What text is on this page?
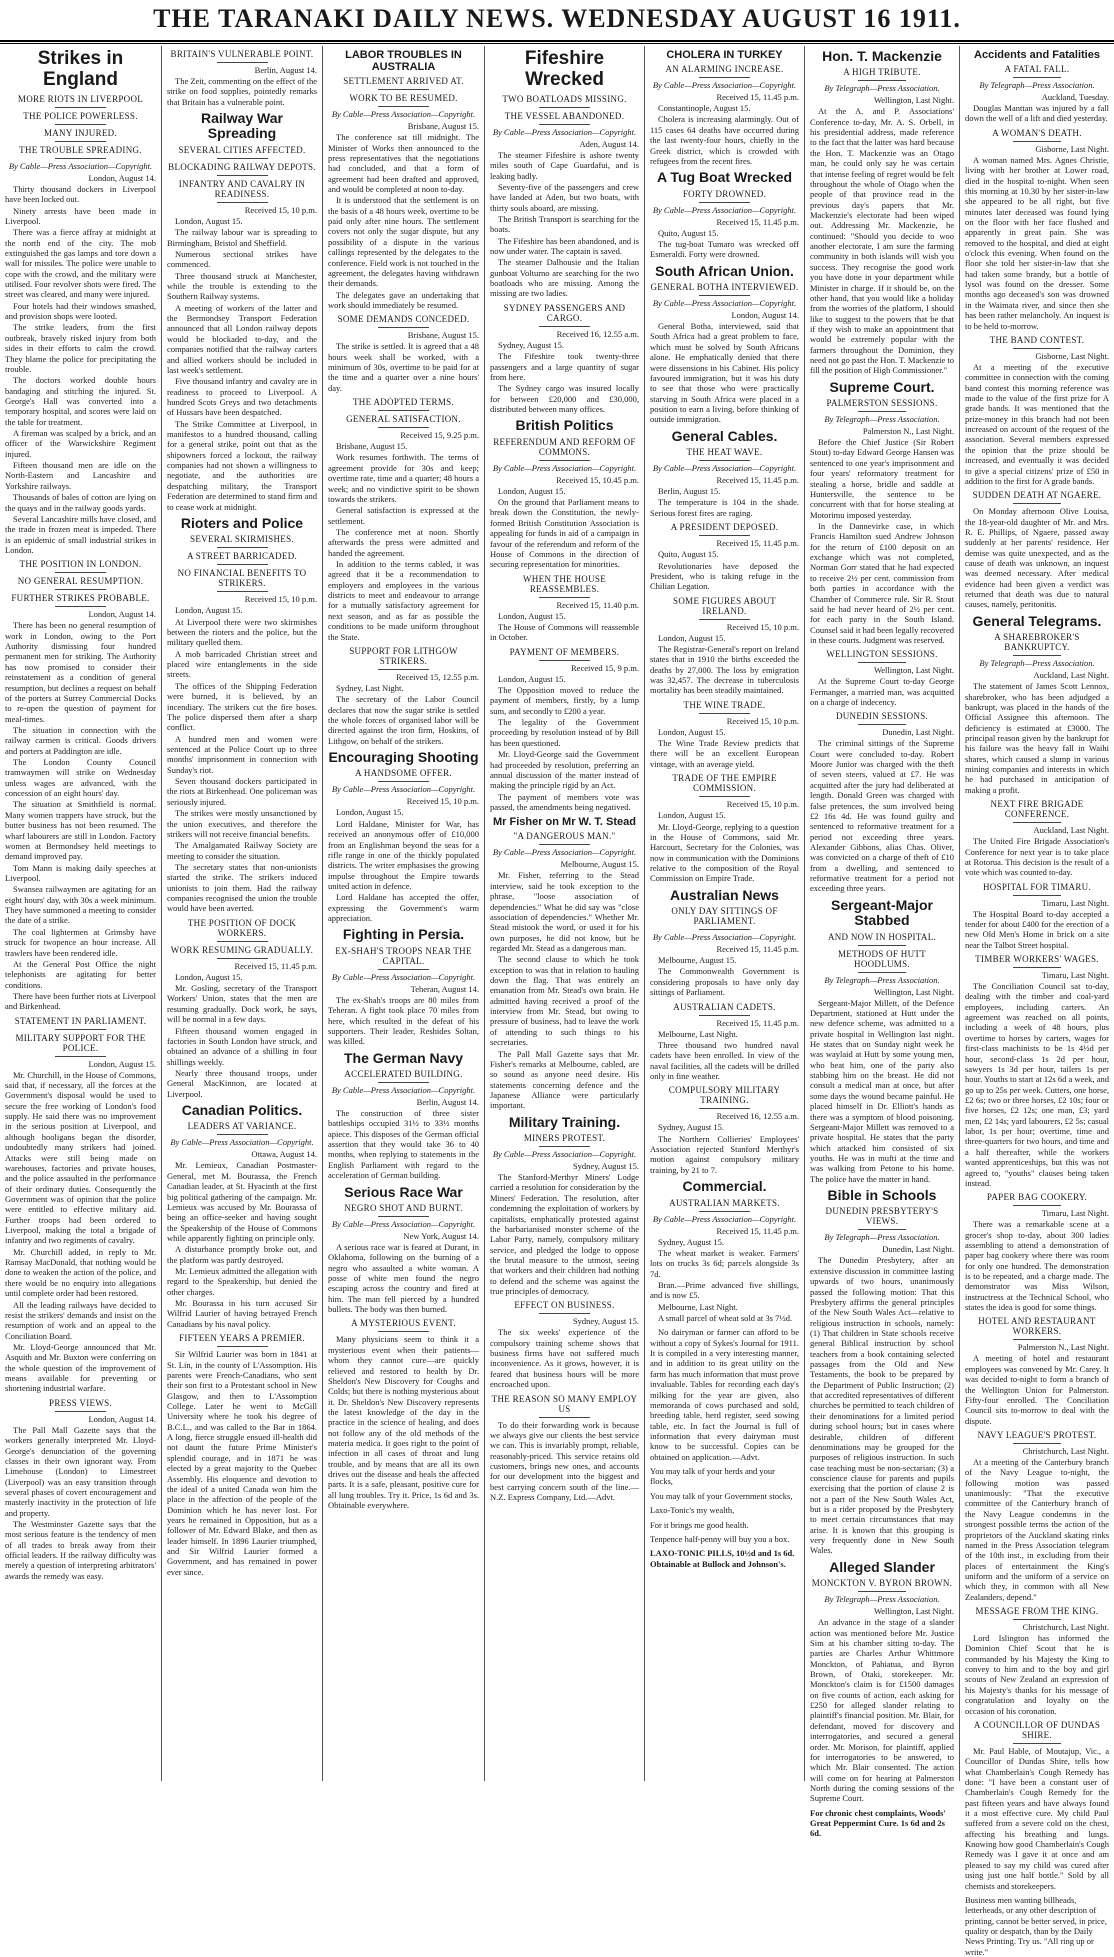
THE TARANAKI DAILY NEWS. WEDNESDAY AUGUST 16 1911.
Strikes in England
MORE RIOTS IN LIVERPOOL
THE POLICE POWERLESS.
MANY INJURED.
THE TROUBLE SPREADING.
By Cable—Press Association—Copyright.
London, August 14.

Thirty thousand dockers in Liverpool have been locked out.

Ninety arrests have been made in Liverpool.

There was a fierce affray at midnight at the north end of the city. The mob extinguished the gas lamps and tore down a wall for missiles. The police were unable to cope with the crowd, and the military were utilised. Four revolver shots were fired. The street was cleared, and many were injured.

Four hotels had their windows smashed, and provision shops were looted.

The strike leaders, from the first outbreak, bravely risked injury from both sides in their efforts to calm the crowd. They blame the police for precipitating the trouble.

The doctors worked double hours bandaging and stitching the injured. St. George's Hall was converted into a temporary hospital, and scores were laid on the table for treatment.

A fireman was scalped by a brick, and an officer of the Warwickshire Regiment injured.

Fifteen thousand men are idle on the North-Eastern and Lancashire and Yorkshire railways.

Thousands of bales of cotton are lying on the quays and in the railway goods yards.

Several Lancashire mills have closed, and the trade in frozen meat is impeded. There is an epidemic of small industrial strikes in London.

THE POSITION IN LONDON.
NO GENERAL RESUMPTION.
FURTHER STRIKES PROBABLE.
London, August 14.

There has been no general resumption of work in London, owing to the Port Authority dismissing four hundred permanent men for striking. The Authority has now promised to consider their reinstatement as a condition of general resumption, but declines a request on behalf of the porters at Surrey Commercial Docks to re-open the question of payment for meal-times.

The situation in connection with the railway carmen is critical. Goods drivers and porters at Paddington are idle.

The London County Council tramwaymen will strike on Wednesday unless wages are advanced, with the concession of an eight hours' day.

The situation at Smithfield is normal. Many women trappers have struck, but the butter business has not been resumed. The wharf labourers are still in London. Factory women at Bermondsey held meetings to demand improved pay.

Tom Mann is making daily speeches at Liverpool.

Swansea railwaymen are agitating for an eight hours' day, with 30s a week minimum. They have summoned a meeting to consider the date of a strike.

The coal lightermen at Grimsby have struck for twopence an hour increase. All trawlers have been rendered idle.

At the General Post Office the night telephonists are agitating for better conditions.

There have been further riots at Liverpool and Birkenhead.

STATEMENT IN PARLIAMENT.
MILITARY SUPPORT FOR THE POLICE.
London, August 15.

Mr. Churchill, in the House of Commons, said that, if necessary, all the forces at the Government's disposal would be used to secure the free working of London's food supply. He said there was no improvement in the serious position at Liverpool, and although hooligans began the disorder, undoubtedly many strikers had joined. Attacks were still being made on warehouses, factories and private houses, and the police assaulted in the performance of their ordinary duties. Consequently the Government was of opinion that the police were entitled to effective military aid. Further troops had been ordered to Liverpool, making the total a brigade of infantry and two regiments of cavalry.

Mr. Churchill added, in reply to Mr. Ramsay MacDonald, that nothing would be done to weaken the action of the police, and there would be no enquiry into allegations until complete order had been restored.

All the leading railways have decided to resist the strikers' demands and insist on the resumption of work and an appeal to the Conciliation Board.

Mr. Lloyd-George announced that Mr. Asquith and Mr. Buxton were conferring on the whole question of the improvement of means available for preventing or shortening industrial warfare.

PRESS VIEWS.
London, August 14.

The Pall Mall Gazette says that the workers generally interpreted Mr. Lloyd-George's denunciation of the governing classes in their own ignorant way. From Limehouse (London) to Limestreet (Liverpool) was an easy transition through several phases of covert encouragement and masterly inactivity in the protection of life and property.

The Westminster Gazette says that the most serious feature is the tendency of men of all trades to break away from their official leaders. If the railway difficulty was merely a question of interpreting arbitrators' awards the remedy was easy.

BRITAIN'S VULNERABLE POINT.
Berlin, August 14.

The Zeit, commenting on the effect of the strike on food supplies, pointedly remarks that Britain has a vulnerable point.

Railway War Spreading
SEVERAL CITIES AFFECTED.
BLOCKADING RAILWAY DEPOTS.
INFANTRY AND CAVALRY IN READINESS.
Received 15, 10 p.m.

London, August 15.

The railway labour war is spreading to Birmingham, Bristol and Sheffield.

Numerous sectional strikes have commenced.

Three thousand struck at Manchester, while the trouble is extending to the Southern Railway systems.

A meeting of workers of the latter and the Bermondsey Transport Federation announced that all London railway depots would be blockaded to-day, and the companies notified that the railway carters and allied workers should be included in last week's settlement.

Five thousand infantry and cavalry are in readiness to proceed to Liverpool. A hundred Scots Greys and two detachments of Hussars have been despatched.

The Strike Committee at Liverpool, in manifestos to a hundred thousand, calling for a general strike, point out that as the shipowners forced a lockout, the railway companies had not shown a willingness to negotiate, and the authorities are despatching military, the Transport Federation are determined to stand firm and to cease work at midnight.

Rioters and Police
SEVERAL SKIRMISHES.
A STREET BARRICADED.
NO FINANCIAL BENEFITS TO STRIKERS.
Received 15, 10 p.m.

London, August 15.

At Liverpool there were two skirmishes between the rioters and the police, but the military quelled them.

A mob barricaded Christian street and placed wire entanglements in the side streets.

The offices of the Shipping Federation were burned, it is believed, by an incendiary. The strikers cut the fire hoses. The police dispersed them after a sharp conflict.

A hundred men and women were sentenced at the Police Court up to three months' imprisonment in connection with Sunday's riot.

Seven thousand dockers participated in the riots at Birkenhead. One policeman was seriously injured.

The strikes were mostly unsanctioned by the union executives, and therefore the strikers will not receive financial benefits.

The Amalgamated Railway Society are meeting to consider the situation.

The secretary states that non-unionists started the strike. The strikers induced unionists to join them. Had the railway companies recognised the union the trouble would have been averted.

THE POSITION OF DOCK WORKERS.
WORK RESUMING GRADUALLY.
Received 15, 11.45 p.m.

London, August 15.

Mr. Gosling, secretary of the Transport Workers' Union, states that the men are resuming gradually. Dock work, he says, will be normal in a few days.

Fifteen thousand women engaged in factories in South London have struck, and obtained an advance of a shilling in four shillings weekly.

Nearly three thousand troops, under General MacKinnon, are located at Liverpool.

Canadian Politics.
LEADERS AT VARIANCE.
By Cable—Press Association—Copyright.
Ottawa, August 14.

Mr. Lemieux, Canadian Postmaster-General, met M. Bourassa, the French Canadian leader, at St. Hyacinth at the first big political gathering of the campaign. Mr. Lemieux was accused by Mr. Bourassa of being an office-seeker and having sought the Speakership of the House of Commons while apparently fighting on principle only.

A disturbance promptly broke out, and the platform was partly destroyed.

Mr. Lemieux admitted the allegation with regard to the Speakership, but denied the other charges.

Mr. Bourassa in his turn accused Sir Wilfrid Laurier of having betrayed French Canadians by his naval policy.

FIFTEEN YEARS A PREMIER.

Sir Wilfrid Laurier was born in 1841 at St. Lin, in the county of L'Assomption. His parents were French-Canadians, who sent their son first to a Protestant school in New Glasgow, and then to L'Assomption College. Later he went to McGill University where he took his degree of B.C.L., and was called to the Bar in 1864. A long, fierce struggle ensued ill-health did not daunt the future Prime Minister's splendid courage, and in 1871 he was elected by a great majority to the Quebec Assembly. His eloquence and devotion to the ideal of a united Canada won him the place in the affection of the people of the Dominion which he has never lost. For years he remained in Opposition, but as a follower of Mr. Edward Blake, and then as leader himself. In 1896 Laurier triumphed, and Sir Wilfrid Laurier formed a Government, and has remained in power ever since.

LABOR TROUBLES IN AUSTRALIA
SETTLEMENT ARRIVED AT.
WORK TO BE RESUMED.
By Cable—Press Association—Copyright.
Brisbane, August 15.

The conference sat till midnight. The Minister of Works then announced to the press representatives that the negotiations had concluded, and that a form of agreement had been drafted and approved, and would be completed at noon to-day.

It is understood that the settlement is on the basis of a 48 hours week, overtime to be paid only after nine hours. The settlement covers not only the sugar dispute, but any possibility of a dispute in the various callings represented by the delegates to the conference. Field work is not touched in the agreement, the delegates having withdrawn their demands.

The delegates gave an undertaking that work should immediately be resumed.

SOME DEMANDS CONCEDED.
Brisbane, August 15.

The strike is settled. It is agreed that a 48 hours week shall be worked, with a minimum of 30s, overtime to be paid for at the time and a quarter over a nine hours' day.

THE ADOPTED TERMS.
GENERAL SATISFACTION.
Received 15, 9.25 p.m.

Brisbane, August 15.

Work resumes forthwith. The terms of agreement provide for 30s and keep; overtime rate, time and a quarter; 48 hours a week; and no vindictive spirit to be shown towards the strikers.

General satisfaction is expressed at the settlement.

The conference met at noon. Shortly afterwards the press were admitted and handed the agreement.

In addition to the terms cabled, it was agreed that it be a recommendation to employers and employees in the various districts to meet and endeavour to arrange for a mutually satisfactory agreement for next season, and as far as possible the conditions to be made uniform throughout the State.

SUPPORT FOR LITHGOW STRIKERS.
Received 15, 12.55 p.m.

Sydney, Last Night.

The secretary of the Labor Council declares that now the sugar strike is settled the whole forces of organised labor will be directed against the iron firm, Hoskins, of Lithgow, on behalf of the strikers.

Encouraging Shooting
A HANDSOME OFFER.
By Cable—Press Association—Copyright.
Received 15, 10 p.m.

London, August 15.

Lord Haldane, Minister for War, has received an anonymous offer of £10,000 from an Englishman beyond the seas for a rifle range in one of the thickly populated districts. The writer emphasises the growing impulse throughout the Empire towards united action in defence.

Lord Haldane has accepted the offer, expressing the Government's warm appreciation.

Fighting in Persia.
EX-SHAH'S TROOPS NEAR THE CAPITAL.
By Cable—Press Association—Copyright.
Teheran, August 14.

The ex-Shah's troops are 80 miles from Teheran. A fight took place 70 miles from here, which resulted in the defeat of his supporters. Their leader, Reshides Soltan, was killed.

The German Navy
ACCELERATED BUILDING.
By Cable—Press Association—Copyright.
Berlin, August 14.

The construction of three sister battleships occupied 31½ to 33½ months apiece. This disposes of the German official assertion that they would take 36 to 40 months, when replying to statements in the English Parliament with regard to the acceleration of German building.

Serious Race War
NEGRO SHOT AND BURNT.
By Cable—Press Association—Copyright.
New York, August 14.

A serious race war is feared at Durant, in Oklahoma, following on the burning of a negro who assaulted a white woman. A posse of white men found the negro escaping across the country and fired at him. The man fell pierced by a hundred bullets. The body was then burned.

A MYSTERIOUS EVENT.

Many physicians seem to think it a mysterious event when their patients—whom they cannot cure—are quickly relieved and restored to health by Dr. Sheldon's New Discovery for Coughs and Colds; but there is nothing mysterious about it. Dr. Sheldon's New Discovery represents the latest knowledge of the day in the practice in the science of healing, and does not follow any of the old methods of the materia medica. It goes right to the point of infection in all cases of throat and lung trouble, and by means that are all its own drives out the disease and heals the affected parts. It is a safe, pleasant, positive cure for all lung troubles. Try it. Price, 1s 6d and 3s. Obtainable everywhere.

Fifeshire Wrecked
TWO BOATLOADS MISSING.
THE VESSEL ABANDONED.
By Cable—Press Association—Copyright.
Aden, August 14.

The steamer Fifeshire is ashore twenty miles south of Cape Guardafui, and is leaking badly.

Seventy-five of the passengers and crew have landed at Aden, but two boats, with thirty souls aboard, are missing.

The British Transport is searching for the boats.

The Fifeshire has been abandoned, and is now under water. The captain is saved.

The steamer Dalhousie and the Italian gunboat Volturno are searching for the two boatloads who are missing. Among the missing are two ladies.

SYDNEY PASSENGERS AND CARGO.
Received 16, 12.55 a.m.

Sydney, August 15.

The Fifeshire took twenty-three passengers and a large quantity of sugar from here.

The Sydney cargo was insured locally for between £20,000 and £30,000, distributed between many offices.

British Politics
REFERENDUM AND REFORM OF COMMONS.
By Cable—Press Association—Copyright.
Received 15, 10.45 p.m.

London, August 15.

On the ground that Parliament means to break down the Constitution, the newly-formed British Constitution Association is appealing for funds in aid of a campaign in favour of the referendum and reform of the House of Commons in the direction of securing representation for minorities.

WHEN THE HOUSE REASSEMBLES.
Received 15, 11.40 p.m.

London, August 15.

The House of Commons will reassemble in October.

PAYMENT OF MEMBERS.
Received 15, 9 p.m.

London, August 15.

The Opposition moved to reduce the payment of members, firstly, by a lump sum, and secondly to £200 a year.

The legality of the Government proceeding by resolution instead of by Bill has been questioned.

Mr. Lloyd-George said the Government had proceeded by resolution, preferring an annual discussion of the matter instead of making the principle rigid by an Act.

The payment of members vote was passed, the amendments being negatived.

Mr Fisher on Mr W. T. Stead
"A DANGEROUS MAN."
By Cable—Press Association—Copyright.
Melbourne, August 15.

Mr. Fisher, referring to the Stead interview, said he took exception to the phrase, "loose association of dependencies." What he did say was "close association of dependencies." Whether Mr. Stead mistook the word, or used it for his own purposes, he did not know, but he regarded Mr. Stead as a dangerous man.

The second clause to which he took exception to was that in relation to hauling down the flag. That was entirely an emanation from Mr. Stead's own brain. He admitted having received a proof of the interview from Mr. Stead, but owing to pressure of business, had to leave the work of attending to such things to his secretaries.

The Pall Mall Gazette says that Mr. Fisher's remarks at Melbourne, cabled, are so sound as anyone need desire. His statements concerning defence and the Japanese Alliance were particularly important.

Military Training.
MINERS PROTEST.
By Cable—Press Association—Copyright.
Sydney, August 15.

The Stanford-Merthyr Miners' Lodge carried a resolution for consideration by the Miners' Federation. The resolution, after condemning the exploitation of workers by capitalists, emphatically protested against the barbarianised monster scheme of the Labor Party, namely, compulsory military service, and pledged the lodge to oppose the brutal measure to the utmost, seeing that workers and their children had nothing to defend and the scheme was against the true principles of democracy.

EFFECT ON BUSINESS.
Sydney, August 15.

The six weeks' experience of the compulsory training scheme shows that business firms have not suffered much inconvenience. As it grows, however, it is feared that business hours will be more encroached upon.

THE REASON SO MANY EMPLOY US

To do their forwarding work is because we always give our clients the best service we can. This is invariably prompt, reliable, reasonably-priced. This service retains old customers, brings new ones, and accounts for our development into the biggest and best carrying concern south of the line.—N.Z. Express Company, Ltd.—Advt.

CHOLERA IN TURKEY
AN ALARMING INCREASE.
By Cable—Press Association—Copyright.
Received 15, 11.45 p.m.

Constantinople, August 15.

Cholera is increasing alarmingly. Out of 115 cases 64 deaths have occurred during the last twenty-four hours, chiefly in the Greek district, which is crowded with refugees from the recent fires.

A Tug Boat Wrecked
FORTY DROWNED.
By Cable—Press Association—Copyright.
Received 15, 11.45 p.m.

Quito, August 15.

The tug-boat Tumaro was wrecked off Esmeraldi. Forty were drowned.

South African Union.
GENERAL BOTHA INTERVIEWED.
By Cable—Press Association—Copyright.
London, August 14.

General Botha, interviewed, said that South Africa had a great problem to face, which must be solved by South Africans alone. He emphatically denied that there were dissensions in his Cabinet. His policy favoured immigration, but it was his duty to see that those who were practically starving in South Africa were placed in a position to earn a living, before thinking of outside immigration.

General Cables.
THE HEAT WAVE.
By Cable—Press Association—Copyright.
Received 15, 11.45 p.m.

Berlin, August 15.

The temperature is 104 in the shade. Serious forest fires are raging.

A PRESIDENT DEPOSED.
Received 15, 11.45 p.m.

Quito, August 15.

Revolutionaries have deposed the President, who is taking refuge in the Chilian Legation.

SOME FIGURES ABOUT IRELAND.
Received 15, 10 p.m.

London, August 15.

The Registrar-General's report on Ireland states that in 1910 the births exceeded the deaths by 27,000. The loss by emigration was 32,457. The decrease in tuberculosis mortality has been steadily maintained.

THE WINE TRADE.
Received 15, 10 p.m.

London, August 15.

The Wine Trade Review predicts that there will be an excellent European vintage, with an average yield.

TRADE OF THE EMPIRE COMMISSION.
Received 15, 10 p.m.

London, August 15.

Mr. Lloyd-George, replying to a question in the House of Commons, said Mr. Harcourt, Secretary for the Colonies, was now in communication with the Dominions relative to the composition of the Royal Commission on Empire Trade.

Australian News
ONLY DAY SITTINGS OF PARLIAMENT.
By Cable—Press Association—Copyright.
Received 15, 11.45 p.m.

Melbourne, August 15.

The Commonwealth Government is considering proposals to have only day sittings of Parliament.

AUSTRALIAN CADETS.
Received 15, 11.45 p.m.

Melbourne, Last Night.

Three thousand two hundred naval cadets have been enrolled. In view of the naval facilities, all the cadets will be drilled only in fine weather.

COMPULSORY MILITARY TRAINING.
Received 16, 12.55 a.m.

Sydney, August 15.

The Northern Collieries' Employees' Association rejected Stanford Merthyr's motion against compulsory military training, by 21 to 7.

Commercial.
AUSTRALIAN MARKETS.
By Cable—Press Association—Copyright.
Received 15, 11.45 p.m.

Sydney, August 15.

The wheat market is weaker. Farmers' lots on trucks 3s 6d; parcels alongside 3s 7d.

Bran.—Prime advanced five shillings, and is now £5.

Melbourne, Last Night.

A small parcel of wheat sold at 3s 7½d.

No dairyman or farmer can afford to be without a copy of Sykes's Journal for 1911. It is compiled in a very interesting manner, and in addition to its great utility on the farm has much information that must prove invaluable. Tables for recording each day's milking for the year are given, also memoranda of cows purchased and sold, breeding table, herd register, seed sowing table, etc. In fact the Journal is full of information that every dairyman must know to be successful. Copies can be obtained on application.—Advt.

You may talk of your herds and your flocks,
You may talk of your Government stocks,
Laxo-Tonic's my wealth,
For it brings me good health.
Tenpence half-penny will buy you a box.
LAXO-TONIC PILLS, 10½d and 1s 6d. Obtainable at Bullock and Johnson's.
Hon. T. Mackenzie
A HIGH TRIBUTE.
By Telegraph—Press Association.
Wellington, Last Night.

At the A. and P. Associations' Conference to-day, Mr. A. S. Orbell, in his presidential address, made reference to the fact that the latter was hard because the Hon. T. Mackenzie was an Otago man, he could only say he was certain that intense feeling of regret would be felt throughout the whole of Otago when the people of that province read in the previous day's papers that Mr. Mackenzie's electorate had been wiped out. Addressing Mr. Mackenzie, he continued: "Should you decide to woo another electorate, I am sure the farming community in both islands will wish you success. They recognise the good work you have done in your department while Minister in charge. If it should be, on the other hand, that you would like a holiday from the worries of the platform, I should like to suggest to the powers that be that if they wish to make an appointment that would be extremely popular with the farmers throughout the Dominion, they need not go past the Hon. T. Mackenzie to fill the position of High Commissioner."

Supreme Court.
PALMERSTON SESSIONS.
By Telegraph—Press Association.
Palmerston N., Last Night.

Before the Chief Justice (Sir Robert Stout) to-day Edward George Hansen was sentenced to one year's imprisonment and four years' reformatory treatment for stealing a horse, bridle and saddle at Huntersville, the sentence to be concurrent with that for horse stealing at Motorimu imposed yesterday.

In the Dannevirke case, in which Francis Hamilton sued Andrew Johnson for the return of £100 deposit on an exchange which was not completed, Norman Gorr stated that he had expected to receive 2½ per cent. commission from both parties in accordance with the Chamber of Commerce rule. Sir R. Stout said he had never heard of 2½ per cent. for each party in the South Island. Counsel said it had been legally recovered in these courts. Judgment was reserved.

WELLINGTON SESSIONS.
Wellington, Last Night.

At the Supreme Court to-day George Fermanger, a married man, was acquitted on a charge of indecency.

DUNEDIN SESSIONS.
Dunedin, Last Night.

The criminal sittings of the Supreme Court were concluded to-day. Robert Moore Junior was charged with the theft of seven steers, valued at £7. He was acquitted after the jury had deliberated at length. Donald Green was charged with false pretences, the sum involved being £2 16s 4d. He was found guilty and sentenced to reformative treatment for a period not exceeding three years. Alexander Gibbons, alias Chas. Oliver, was convicted on a charge of theft of £10 from a dwelling, and sentenced to reformative treatment for a period not exceeding three years.

Sergeant-Major Stabbed
AND NOW IN HOSPITAL.
METHODS OF HUTT HOODLUMS.
By Telegraph—Press Association.
Wellington, Last Night.

Sergeant-Major Millett, of the Defence Department, stationed at Hutt under the new defence scheme, was admitted to a private hospital in Wellington last night. He states that on Sunday night week he was waylaid at Hutt by some young men, who beat him, one of the party also stabbing him on the breast. He did not consult a medical man at once, but after some days the wound became painful. He placed himself in Dr. Elliott's hands as there was a symptom of blood poisoning. Sergeant-Major Millett was removed to a private hospital. He states that the party which attacked him consisted of six youths. He was in mufti at the time and was walking from Petone to his home. The police have the matter in hand.

Bible in Schools
DUNEDIN PRESBYTERY'S VIEWS.
By Telegraph—Press Association.
Dunedin, Last Night.

The Dunedin Presbytery, after an extensive discussion in committee lasting upwards of two hours, unanimously passed the following motion: That this Presbytery affirms the general principles of the New South Wales Act—relative to religious instruction in schools, namely: (1) That children in State schools receive general Biblical instruction by school teachers from a book containing selected passages from the Old and New Testaments, the book to be prepared by the Department of Public Instruction; (2) that accredited representatives of different churches be permitted to teach children of their denominations for a limited period during school hours; but in cases where desirable, children of different denominations may be grouped for the purposes of religious instruction. In such case teaching must be non-sectarian; (3) a conscience clause for parents and pupils exercising that the portion of clause 2 is not a part of the New South Wales Act, but is a rider proposed by the Presbytery to meet certain circumstances that may arise. It is known that this grouping is very frequently done in New South Wales.

Alleged Slander
MONCKTON V. BYRON BROWN.
By Telegraph—Press Association.
Wellington, Last Night.

An advance in the stage of a slander action was mentioned before Mr. Justice Sim at his chamber sitting to-day. The parties are Charles Arthur Whittmore Monckton, of Pahiatua, and Byron Brown, of Otaki, storekeeper. Mr. Monckton's claim is for £1500 damages on five counts of action, each asking for £250 for alleged slander relating to plaintiff's financial position. Mr. Blair, for defendant, moved for discovery and interrogatories, and secured a general order. Mr. Morison, for plaintiff, applied for interrogatories to be answered, to which Mr. Blair consented. The action will come on for hearing at Palmerston North during the coming sessions of the Supreme Court.

For chronic chest complaints, Woods' Great Peppermint Cure. 1s 6d and 2s 6d.
Accidents and Fatalities
A FATAL FALL.
By Telegraph—Press Association.
Auckland, Tuesday.

Douglas Manttan was injured by a fall down the well of a lift and died yesterday.

A WOMAN'S DEATH.
Gisborne, Last Night.

A woman named Mrs. Agnes Christie, living with her brother at Lower road, died in the hospital to-night. When seen this morning at 10.30 by her sister-in-law she appeared to be all right, but five minutes later deceased was found lying on the floor with her face flushed and apparently in great pain. She was removed to the hospital, and died at eight o'clock this evening. When found on the floor she told her sister-in-law that she had taken some brandy, but a bottle of lysol was found on the dresser. Some months ago deceased's son was drowned in the Waimata river, and since then she has been rather melancholy. An inquest is to be held to-morrow.

THE BAND CONTEST.
Gisborne, Last Night.

At a meeting of the executive committee in connection with the coming band contest this morning reference was made to the value of the first prize for A grade bands. It was mentioned that the prize-money in this branch had not been increased on account of the request of the association. Several members expressed the opinion that the prize should be increased, and eventually it was decided to give a special citizens' prize of £50 in addition to the first for A grade bands.

SUDDEN DEATH AT NGAERE.

On Monday afternoon Olive Louisa, the 18-year-old daughter of Mr. and Mrs. R. E. Phillips, of Ngaere, passed away suddenly at her parents' residence. Her demise was quite unexpected, and as the cause of death was unknown, an inquest was deemed necessary. After medical evidence had been given a verdict was returned that death was due to natural causes, namely, peritonitis.

General Telegrams.
A SHAREBROKER'S BANKRUPTCY.
By Telegraph—Press Association.
Auckland, Last Night.

The statement of James Scott Lennox, sharebroker, who has been adjudged a bankrupt, was placed in the hands of the Official Assignee this afternoon. The deficiency is estimated at £3000. The principal reason given by the bankrupt for his failure was the heavy fall in Waihi shares, which caused a slump in various mining companies and interests in which he had purchased in anticipation of making a profit.

NEXT FIRE BRIGADE CONFERENCE.
Auckland, Last Night.

The United Fire Brigade Association's Conference for next year is to take place at Rotorua. This decision is the result of a vote which was counted to-day.

HOSPITAL FOR TIMARU.
Timaru, Last Night.

The Hospital Board to-day accepted a tender for about £400 for the erection of a new Old Men's Home in brick on a site near the Talbot Street hospital.

TIMBER WORKERS' WAGES.
Timaru, Last Night.

The Conciliation Council sat to-day, dealing with the timber and coal-yard employees, including carters. An agreement was reached on all points, including a week of 48 hours, plus overtime to horses by carters, wages for first-class machinists to be 1s 4½d per hour, second-class 1s 2d per hour, sawyers 1s 3d per hour, tailers 1s per hour. Youths to start at 12s 6d a week, and go up to 25s per week. Cutters, one horse, £2 6s; two or three horses, £2 10s; four or five horses, £2 12s; one man, £3; yard men, £2 14s; yard labourers, £2 5s; casual labor, 1s per hour; overtime, time and three-quarters for two hours, and time and a half thereafter, while the workers wanted apprenticeships, but this was not agreed to, "youths" clauses being taken instead.

PAPER BAG COOKERY.
Timaru, Last Night.

There was a remarkable scene at a grocer's shop to-day, about 300 ladies assembling to attend a demonstration of paper bag cookery where there was room for only one hundred. The demonstration is to be repeated, and a charge made. The demonstrator was Miss Wilson, instructress at the Technical School, who states the idea is good for some things.

HOTEL AND RESTAURANT WORKERS.
Palmerston N., Last Night.

A meeting of hotel and restaurant employees was convened by Mr. Carey. It was decided to-night to form a branch of the Wellington Union for Palmerston. Fifty-four enrolled. The Conciliation Council sits to-morrow to deal with the dispute.

NAVY LEAGUE'S PROTEST.
Christchurch, Last Night.

At a meeting of the Canterbury branch of the Navy League to-night, the following motion was passed unanimously: "That the executive committee of the Canterbury branch of the Navy League condemns in the strongest possible terms the action of the proprietors of the Auckland skating rinks named in the Press Association telegram of the 10th inst., in excluding from their places of entertainment the King's uniform and the uniform of a service on which they, in common with all New Zealanders, depend."

MESSAGE FROM THE KING.
Christchurch, Last Night.

Lord Islington has informed the Dominion Chief Scout that he is commanded by his Majesty the King to convey to him and to the boy and girl scouts of New Zealand an expression of his Majesty's thanks for his message of congratulation and loyalty on the occasion of his coronation.

A COUNCILLOR OF DUNDAS SHIRE.

Mr. Paul Hable, of Moutajup, Vic., a Councillor of Dundas Shire, tells how what Chamberlain's Cough Remedy has done: "I have been a constant user of Chamberlain's Cough Remedy for the past fifteen years and have always found it a most effective cure. My child Paul suffered from a severe cold on the chest, affecting his breathing and lungs. Knowing how good Chamberlain's Cough Remedy was I gave it at once and am pleased to say my child was cured after using just one half bottle." Sold by all chemists and storekeepers.

Business men wanting billheads, letterheads, or any other description of printing, cannot be better served, in price, quality or despatch, than by the Daily News Printing. Try us. "All ring up or write."
